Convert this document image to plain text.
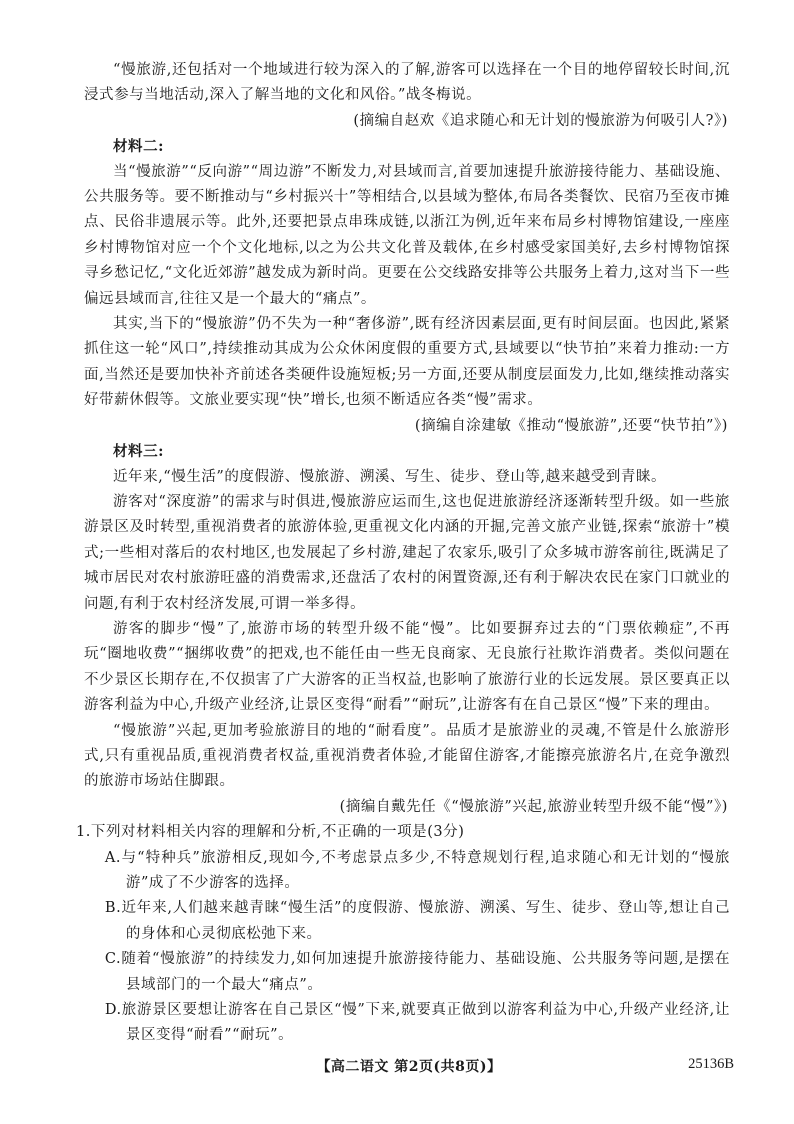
“慢旅游,还包括对一个地域进行较为深入的了解,游客可以选择在一个目的地停留较长时间,沉浸式参与当地活动,深入了解当地的文化和风俗。”战冬梅说。

(摘编自赵欢《追求随心和无计划的慢旅游为何吸引人?》)

材料二:

当“慢旅游”“反向游”“周边游”不断发力,对县域而言,首要加速提升旅游接待能力、基础设施、公共服务等。要不断推动与“乡村振兴十”等相结合,以县域为整体,布局各类餐饮、民宿乃至夜市摊点、民俗非遗展示等。此外,还要把景点串珠成链,以浙江为例,近年来布局乡村博物馆建设,一座座乡村博物馆对应一个个文化地标,以之为公共文化普及载体,在乡村感受家国美好,去乡村博物馆探寻乡愁记忆,“文化近郊游”越发成为新时尚。更要在公交线路安排等公共服务上着力,这对当下一些偏远县域而言,往往又是一个最大的“痛点”。

其实,当下的“慢旅游”仍不失为一种“奢侈游”,既有经济因素层面,更有时间层面。也因此,紧紧抓住这一轮“风口”,持续推动其成为公众休闲度假的重要方式,县域要以“快节拍”来着力推动:一方面,当然还是要加快补齐前述各类硬件设施短板;另一方面,还要从制度层面发力,比如,继续推动落实好带薪休假等。文旅业要实现“快”增长,也须不断适应各类“慢”需求。

(摘编自涂建敏《推动“慢旅游”,还要“快节拍”》)

材料三:

近年来,“慢生活”的度假游、慢旅游、溯溪、写生、徒步、登山等,越来越受到青睐。

游客对“深度游”的需求与时俱进,慢旅游应运而生,这也促进旅游经济逐渐转型升级。如一些旅游景区及时转型,重视消费者的旅游体验,更重视文化内涵的开掘,完善文旅产业链,探索“旅游十”模式;一些相对落后的农村地区,也发展起了乡村游,建起了农家乐,吸引了众多城市游客前往,既满足了城市居民对农村旅游旺盛的消费需求,还盘活了农村的闲置资源,还有利于解决农民在家门口就业的问题,有利于农村经济发展,可谓一举多得。

游客的脚步“慢”了,旅游市场的转型升级不能“慢”。比如要摒弃过去的“门票依赖症”,不再玩“圈地收费”“捆绑收费”的把戏,也不能任由一些无良商家、无良旅行社欺诈消费者。类似问题在不少景区长期存在,不仅损害了广大游客的正当权益,也影响了旅游行业的长远发展。景区要真正以游客利益为中心,升级产业经济,让景区变得“耐看”“耐玩”,让游客有在自己景区“慢”下来的理由。

“慢旅游”兴起,更加考验旅游目的地的“耐看度”。品质才是旅游业的灵魂,不管是什么旅游形式,只有重视品质,重视消费者权益,重视消费者体验,才能留住游客,才能擦亮旅游名片,在竞争激烈的旅游市场站住脚跟。

(摘编自戴先任《“慢旅游”兴起,旅游业转型升级不能“慢”》)

1.下列对材料相关内容的理解和分析,不正确的一项是(3分)

A.与“特种兵”旅游相反,现如今,不考虑景点多少,不特意规划行程,追求随心和无计划的“慢旅游”成了不少游客的选择。

B.近年来,人们越来越青睐“慢生活”的度假游、慢旅游、溯溪、写生、徒步、登山等,想让自己的身体和心灵彻底松弛下来。

C.随着“慢旅游”的持续发力,如何加速提升旅游接待能力、基础设施、公共服务等问题,是摆在县域部门的一个最大“痛点”。

D.旅游景区要想让游客在自己景区“慢”下来,就要真正做到以游客利益为中心,升级产业经济,让景区变得“耐看”“耐玩”。

【高二语文 第2页(共8页)】	25136B
